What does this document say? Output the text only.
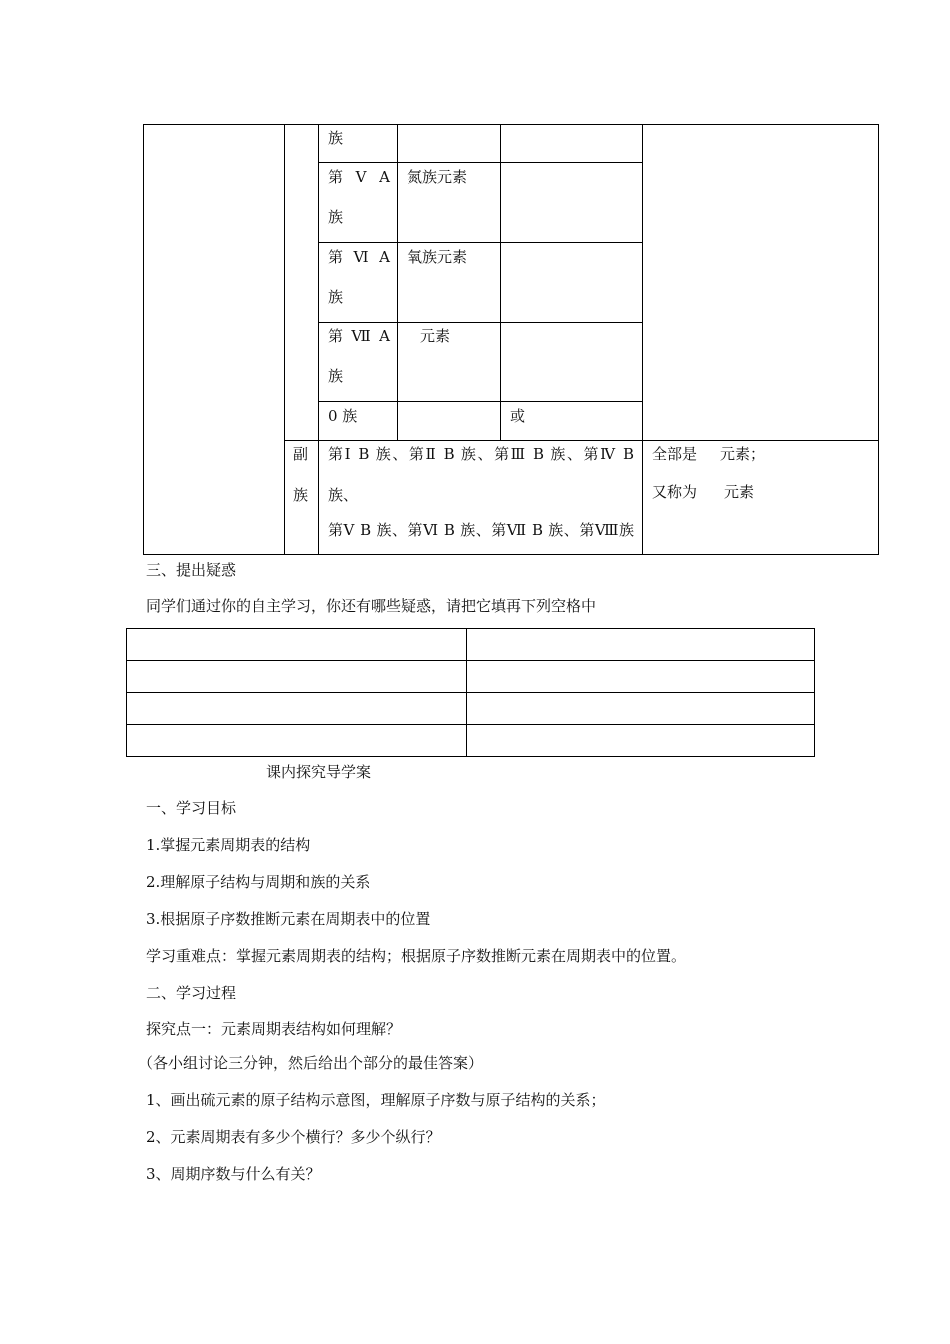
族
第 Ⅴ A
族
氮族元素
第 Ⅵ A
族
氧族元素
第 Ⅶ A
族
元素
0 族	或
副
族
第Ⅰ B 族、第Ⅱ B 族、第Ⅲ B 族、第Ⅳ B
族、
第Ⅴ B 族、第Ⅵ B 族、第Ⅶ B 族、第Ⅷ族
全部是 元素；
又称为 元素
三、提出疑惑
同学们通过你的自主学习，你还有哪些疑惑，请把它填再下列空格中
课内探究导学案
一、学习目标
1.掌握元素周期表的结构
2.理解原子结构与周期和族的关系
3.根据原子序数推断元素在周期表中的位置
学习重难点：掌握元素周期表的结构；根据原子序数推断元素在周期表中的位置。
二、学习过程
探究点一：元素周期表结构如何理解？
（各小组讨论三分钟，然后给出个部分的最佳答案）
1、画出硫元素的原子结构示意图，理解原子序数与原子结构的关系；
2、元素周期表有多少个横行？多少个纵行？
3、周期序数与什么有关？
